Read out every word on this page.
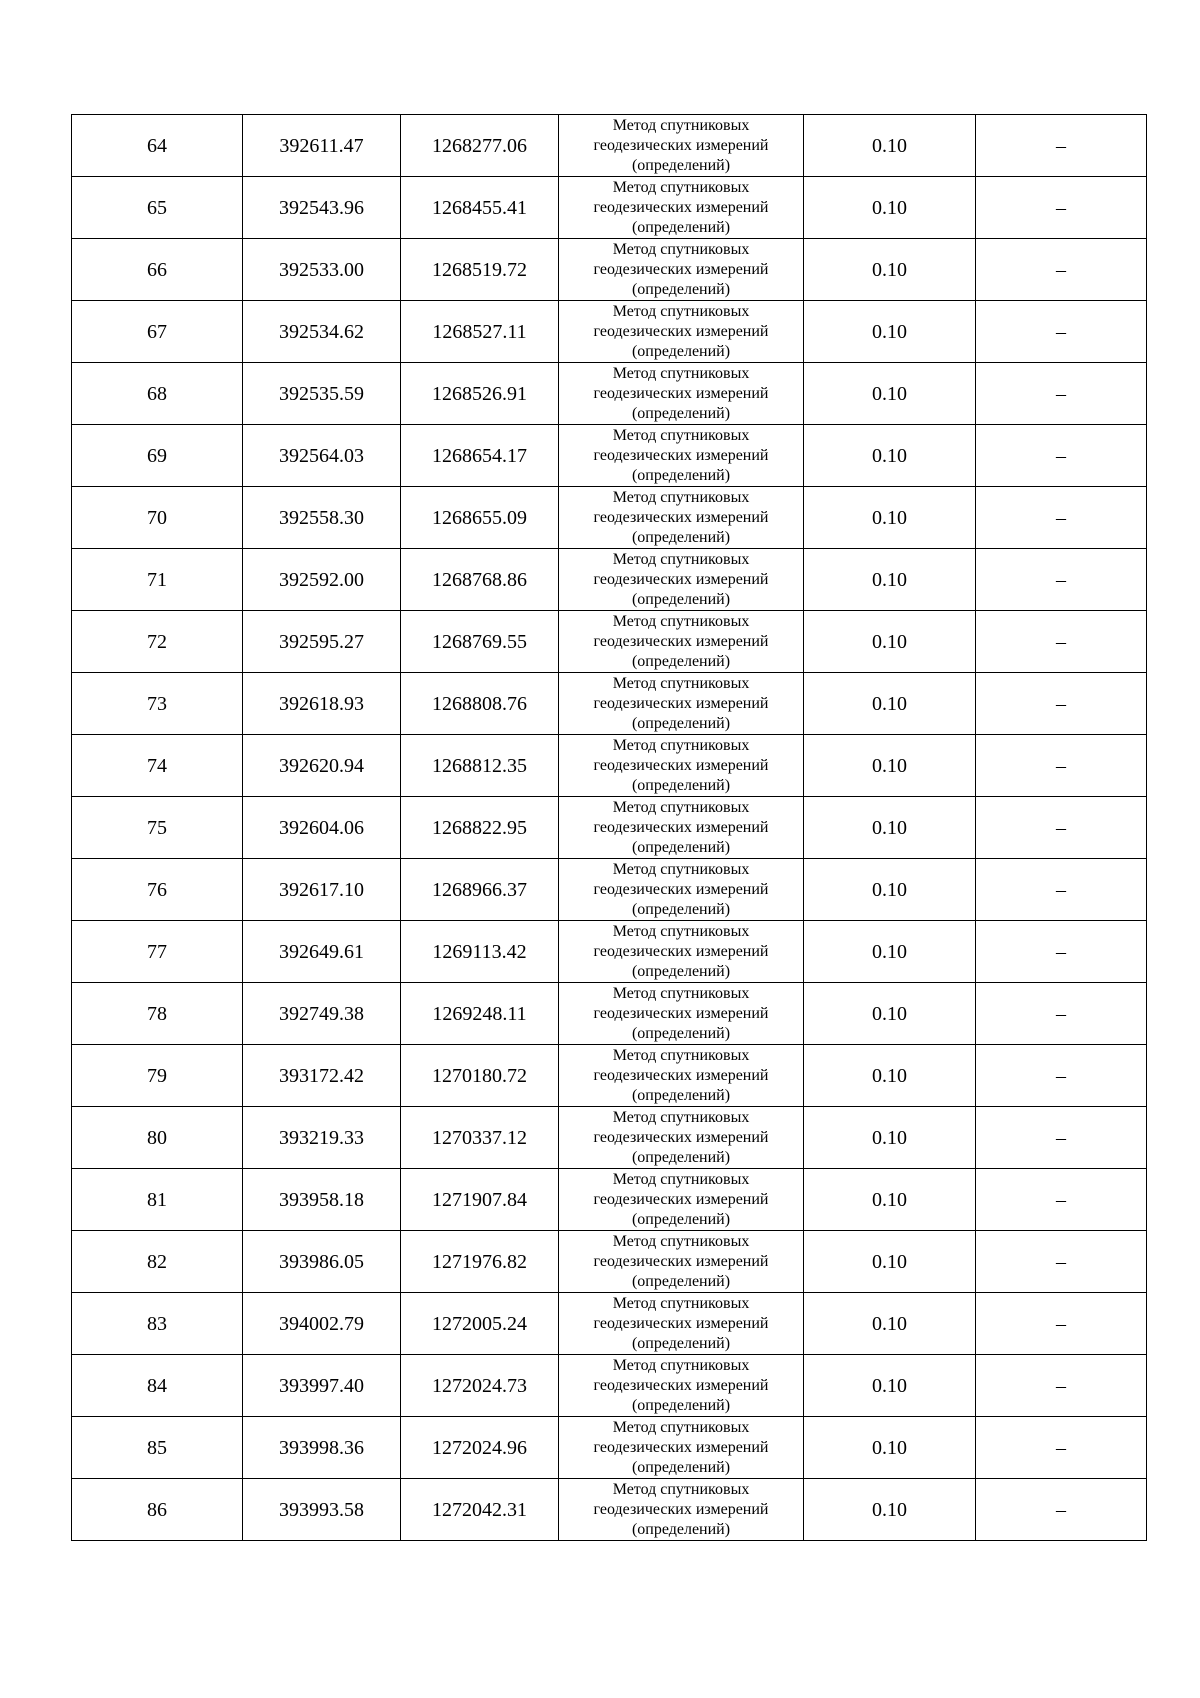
64	392611.47	1268277.06	Метод спутниковых
геодезических измерений
(определений)	0.10	–
65	392543.96	1268455.41	Метод спутниковых
геодезических измерений
(определений)	0.10	–
66	392533.00	1268519.72	Метод спутниковых
геодезических измерений
(определений)	0.10	–
67	392534.62	1268527.11	Метод спутниковых
геодезических измерений
(определений)	0.10	–
68	392535.59	1268526.91	Метод спутниковых
геодезических измерений
(определений)	0.10	–
69	392564.03	1268654.17	Метод спутниковых
геодезических измерений
(определений)	0.10	–
70	392558.30	1268655.09	Метод спутниковых
геодезических измерений
(определений)	0.10	–
71	392592.00	1268768.86	Метод спутниковых
геодезических измерений
(определений)	0.10	–
72	392595.27	1268769.55	Метод спутниковых
геодезических измерений
(определений)	0.10	–
73	392618.93	1268808.76	Метод спутниковых
геодезических измерений
(определений)	0.10	–
74	392620.94	1268812.35	Метод спутниковых
геодезических измерений
(определений)	0.10	–
75	392604.06	1268822.95	Метод спутниковых
геодезических измерений
(определений)	0.10	–
76	392617.10	1268966.37	Метод спутниковых
геодезических измерений
(определений)	0.10	–
77	392649.61	1269113.42	Метод спутниковых
геодезических измерений
(определений)	0.10	–
78	392749.38	1269248.11	Метод спутниковых
геодезических измерений
(определений)	0.10	–
79	393172.42	1270180.72	Метод спутниковых
геодезических измерений
(определений)	0.10	–
80	393219.33	1270337.12	Метод спутниковых
геодезических измерений
(определений)	0.10	–
81	393958.18	1271907.84	Метод спутниковых
геодезических измерений
(определений)	0.10	–
82	393986.05	1271976.82	Метод спутниковых
геодезических измерений
(определений)	0.10	–
83	394002.79	1272005.24	Метод спутниковых
геодезических измерений
(определений)	0.10	–
84	393997.40	1272024.73	Метод спутниковых
геодезических измерений
(определений)	0.10	–
85	393998.36	1272024.96	Метод спутниковых
геодезических измерений
(определений)	0.10	–
86	393993.58	1272042.31	Метод спутниковых
геодезических измерений
(определений)	0.10	–
